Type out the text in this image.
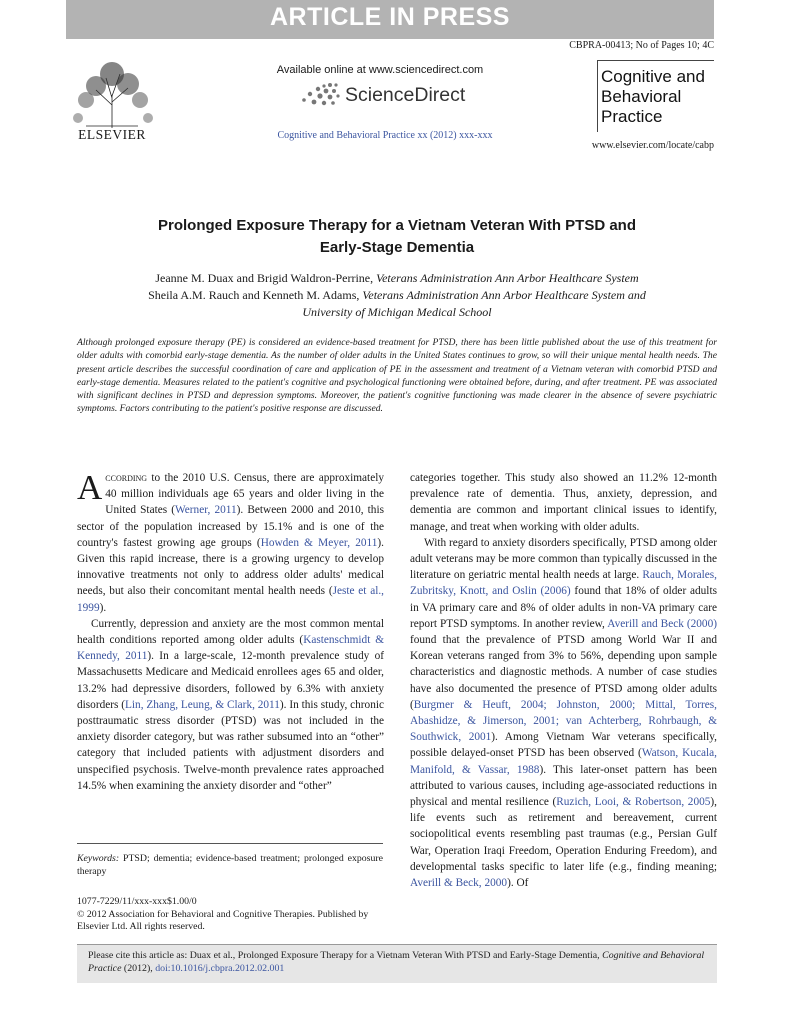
ARTICLE IN PRESS
CBPRA-00413; No of Pages 10; 4C
ELSEVIER
Available online at www.sciencedirect.com
ScienceDirect
Cognitive and Behavioral Practice xx (2012) xxx-xxx
Cognitive and
Behavioral
Practice
www.elsevier.com/locate/cabp
Prolonged Exposure Therapy for a Vietnam Veteran With PTSD and
Early-Stage Dementia
Jeanne M. Duax and Brigid Waldron-Perrine, Veterans Administration Ann Arbor Healthcare System
Sheila A.M. Rauch and Kenneth M. Adams, Veterans Administration Ann Arbor Healthcare System and
University of Michigan Medical School
Although prolonged exposure therapy (PE) is considered an evidence-based treatment for PTSD, there has been little published about the use of this treatment for older adults with comorbid early-stage dementia. As the number of older adults in the United States continues to grow, so will their unique mental health needs. The present article describes the successful coordination of care and application of PE in the assessment and treatment of a Vietnam veteran with comorbid PTSD and early-stage dementia. Measures related to the patient's cognitive and psychological functioning were obtained before, during, and after treatment. PE was associated with significant declines in PTSD and depression symptoms. Moreover, the patient's cognitive functioning was made clearer in the absence of severe psychiatric symptoms. Factors contributing to the patient's positive response are discussed.

According to the 2010 U.S. Census, there are approximately 40 million individuals age 65 years and older living in the United States (Werner, 2011). Between 2000 and 2010, this sector of the population increased by 15.1% and is one of the country's fastest growing age groups (Howden & Meyer, 2011). Given this rapid increase, there is a growing urgency to develop innovative treatments not only to address older adults' medical needs, but also their concomitant mental health needs (Jeste et al., 1999).

Currently, depression and anxiety are the most common mental health conditions reported among older adults (Kastenschmidt & Kennedy, 2011). In a large-scale, 12-month prevalence study of Massachusetts Medicare and Medicaid enrollees ages 65 and older, 13.2% had depressive disorders, followed by 6.3% with anxiety disorders (Lin, Zhang, Leung, & Clark, 2011). In this study, chronic posttraumatic stress disorder (PTSD) was not included in the anxiety disorder category, but was rather subsumed into an “other” category that included patients with adjustment disorders and unspecified psychosis. Twelve-month prevalence rates approached 14.5% when examining the anxiety disorder and “other”

categories together. This study also showed an 11.2% 12-month prevalence rate of dementia. Thus, anxiety, depression, and dementia are common and important clinical issues to identify, manage, and treat when working with older adults.

With regard to anxiety disorders specifically, PTSD among older adult veterans may be more common than typically discussed in the literature on geriatric mental health needs at large. Rauch, Morales, Zubritsky, Knott, and Oslin (2006) found that 18% of older adults in VA primary care and 8% of older adults in non-VA primary care report PTSD symptoms. In another review, Averill and Beck (2000) found that the prevalence of PTSD among World War II and Korean veterans ranged from 3% to 56%, depending upon sample characteristics and diagnostic methods. A number of case studies have also documented the presence of PTSD among older adults (Burgmer & Heuft, 2004; Johnston, 2000; Mittal, Torres, Abashidze, & Jimerson, 2001; van Achterberg, Rohrbaugh, & Southwick, 2001). Among Vietnam War veterans specifically, possible delayed-onset PTSD has been observed (Watson, Kucala, Manifold, & Vassar, 1988). This later-onset pattern has been attributed to various causes, including age-associated reductions in physical and mental resilience (Ruzich, Looi, & Robertson, 2005), life events such as retirement and bereavement, current sociopolitical events resembling past traumas (e.g., Persian Gulf War, Operation Iraqi Freedom, Operation Enduring Freedom), and developmental tasks specific to later life (e.g., finding meaning; Averill & Beck, 2000). Of

Keywords: PTSD; dementia; evidence-based treatment; prolonged exposure therapy
1077-7229/11/xxx-xxx$1.00/0
© 2012 Association for Behavioral and Cognitive Therapies. Published by Elsevier Ltd. All rights reserved.
Please cite this article as: Duax et al., Prolonged Exposure Therapy for a Vietnam Veteran With PTSD and Early-Stage Dementia, Cognitive and Behavioral Practice (2012), doi:10.1016/j.cbpra.2012.02.001
